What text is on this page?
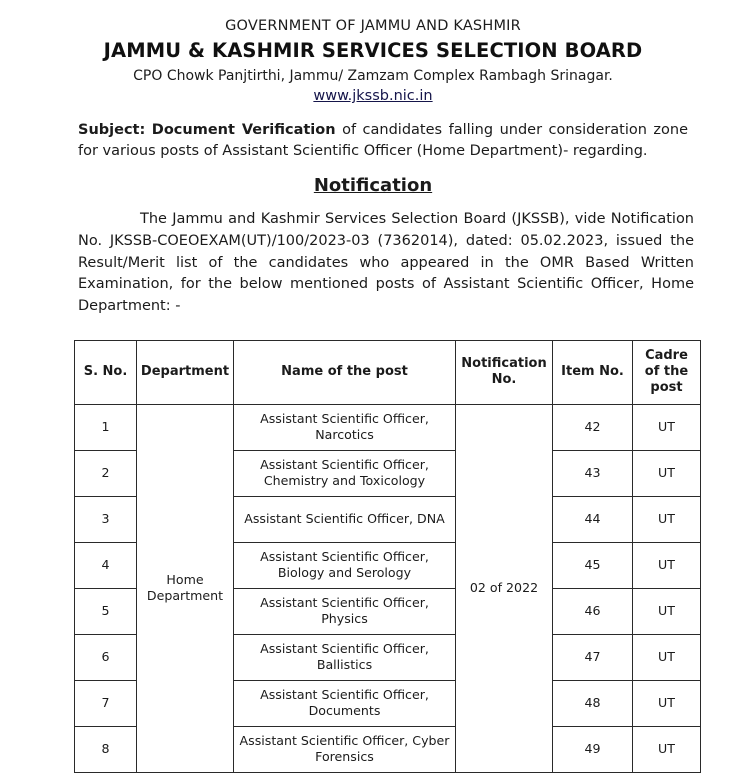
GOVERNMENT OF JAMMU AND KASHMIR
JAMMU & KASHMIR SERVICES SELECTION BOARD
CPO Chowk Panjtirthi, Jammu/ Zamzam Complex Rambagh Srinagar.
www.jkssb.nic.in
Subject: Document Verification of candidates falling under consideration zone for various posts of Assistant Scientific Officer (Home Department)- regarding.
Notification
The Jammu and Kashmir Services Selection Board (JKSSB), vide Notification No. JKSSB-COEOEXAM(UT)/100/2023-03 (7362014), dated: 05.02.2023, issued the Result/Merit list of the candidates who appeared in the OMR Based Written Examination, for the below mentioned posts of Assistant Scientific Officer, Home Department: -
S. No.	Department	Name of the post	Notification No.	Item No.	Cadre of the post
1	Home Department	Assistant Scientific Officer, Narcotics	02 of 2022	42	UT
2		Assistant Scientific Officer, Chemistry and Toxicology		43	UT
3		Assistant Scientific Officer, DNA		44	UT
4		Assistant Scientific Officer, Biology and Serology		45	UT
5		Assistant Scientific Officer, Physics		46	UT
6		Assistant Scientific Officer, Ballistics		47	UT
7		Assistant Scientific Officer, Documents		48	UT
8		Assistant Scientific Officer, Cyber Forensics		49	UT
